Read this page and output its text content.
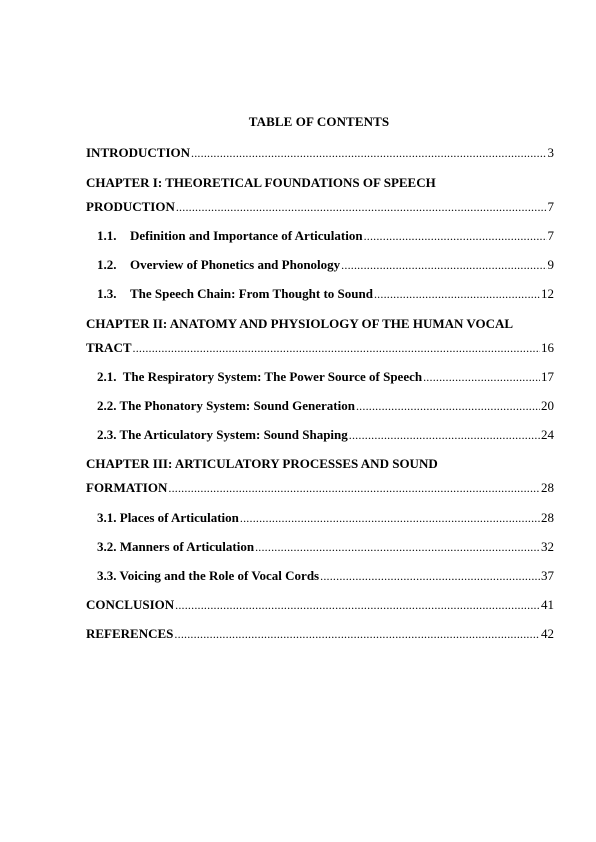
TABLE OF CONTENTS
INTRODUCTION .....	3
CHAPTER I: THEORETICAL FOUNDATIONS OF SPEECH
PRODUCTION .....	7
1.1. Definition and Importance of Articulation .....	7
1.2. Overview of Phonetics and Phonology .....	9
1.3. The Speech Chain: From Thought to Sound .....	12
CHAPTER II: ANATOMY AND PHYSIOLOGY OF THE HUMAN VOCAL
TRACT .....	16
2.1.  The Respiratory System: The Power Source of Speech .....	17
2.2. The Phonatory System: Sound Generation .....	20
2.3. The Articulatory System: Sound Shaping .....	24
CHAPTER III: ARTICULATORY PROCESSES AND SOUND
FORMATION .....	28
3.1. Places of Articulation .....	28
3.2. Manners of Articulation .....	32
3.3. Voicing and the Role of Vocal Cords .....	37
CONCLUSION .....	41
REFERENCES .....	42
